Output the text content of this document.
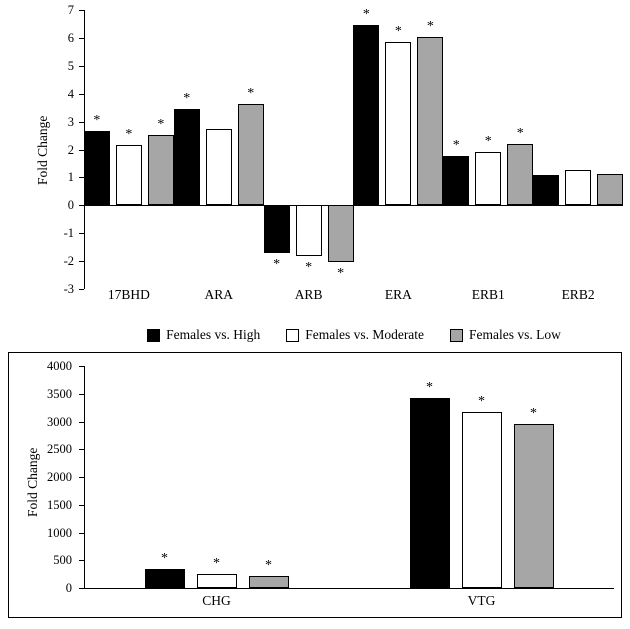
Fold Change
-3
-2
-1
0
1
2
3
4
5
6
7
*
*
*
*	*
*	*	*
*
*	*
*	*
*
17BHD	ARA	ARB	ERA	ERB1	ERB2
Females vs. High	Females vs. Moderate	Females vs. Low
Fold Change
0
500
1000
1500
2000
2500
3000
3500
4000
*	*	*
*
*
*
CHG	VTG
